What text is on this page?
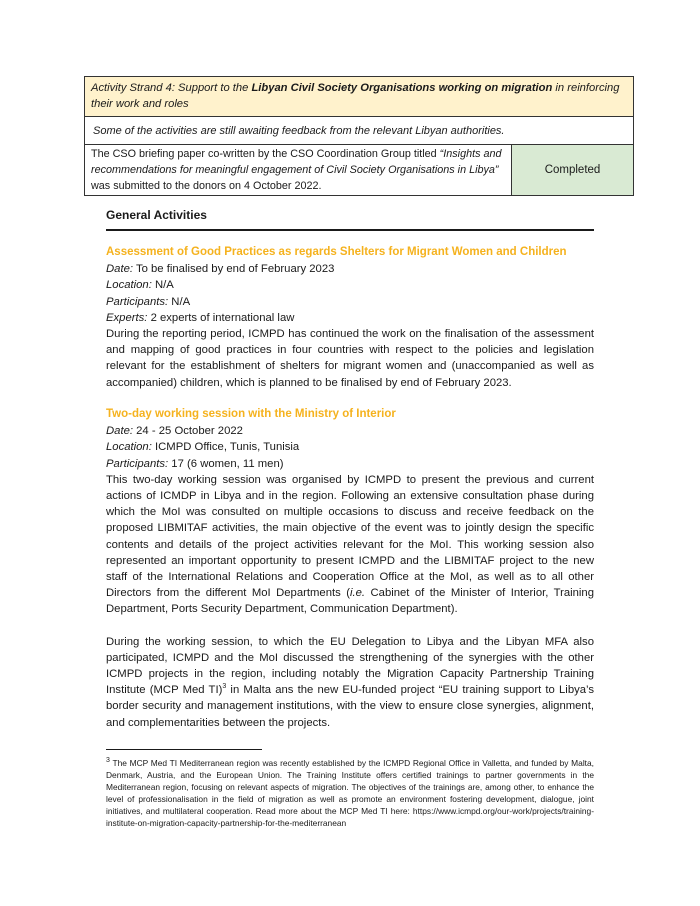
Activity Strand 4: Support to the Libyan Civil Society Organisations working on migration in reinforcing their work and roles
Some of the activities are still awaiting feedback from the relevant Libyan authorities.
The CSO briefing paper co-written by the CSO Coordination Group titled “Insights and recommendations for meaningful engagement of Civil Society Organisations in Libya” was submitted to the donors on 4 October 2022.
Completed
General Activities
Assessment of Good Practices as regards Shelters for Migrant Women and Children
Date: To be finalised by end of February 2023
Location: N/A
Participants: N/A
Experts: 2 experts of international law
During the reporting period, ICMPD has continued the work on the finalisation of the assessment and mapping of good practices in four countries with respect to the policies and legislation relevant for the establishment of shelters for migrant women and (unaccompanied as well as accompanied) children, which is planned to be finalised by end of February 2023.
Two-day working session with the Ministry of Interior
Date: 24 - 25 October 2022
Location: ICMPD Office, Tunis, Tunisia
Participants: 17 (6 women, 11 men)
This two-day working session was organised by ICMPD to present the previous and current actions of ICMDP in Libya and in the region. Following an extensive consultation phase during which the MoI was consulted on multiple occasions to discuss and receive feedback on the proposed LIBMITAF activities, the main objective of the event was to jointly design the specific contents and details of the project activities relevant for the MoI. This working session also represented an important opportunity to present ICMPD and the LIBMITAF project to the new staff of the International Relations and Cooperation Office at the MoI, as well as to all other Directors from the different MoI Departments (i.e. Cabinet of the Minister of Interior, Training Department, Ports Security Department, Communication Department).
During the working session, to which the EU Delegation to Libya and the Libyan MFA also participated, ICMPD and the MoI discussed the strengthening of the synergies with the other ICMPD projects in the region, including notably the Migration Capacity Partnership Training Institute (MCP Med TI)$^3$ in Malta ans the new EU-funded project “EU training support to Libya’s border security and management institutions, with the view to ensure close synergies, alignment, and complementarities between the projects.
$^3$ The MCP Med TI Mediterranean region was recently established by the ICMPD Regional Office in Valletta, and funded by Malta, Denmark, Austria, and the European Union. The Training Institute offers certified trainings to partner governments in the Mediterranean region, focusing on relevant aspects of migration. The objectives of the trainings are, among other, to enhance the level of professionalisation in the field of migration as well as promote an environment fostering development, dialogue, joint initiatives, and multilateral cooperation. Read more about the MCP Med TI here: https://www.icmpd.org/our-work/projects/training-institute-on-migration-capacity-partnership-for-the-mediterranean
